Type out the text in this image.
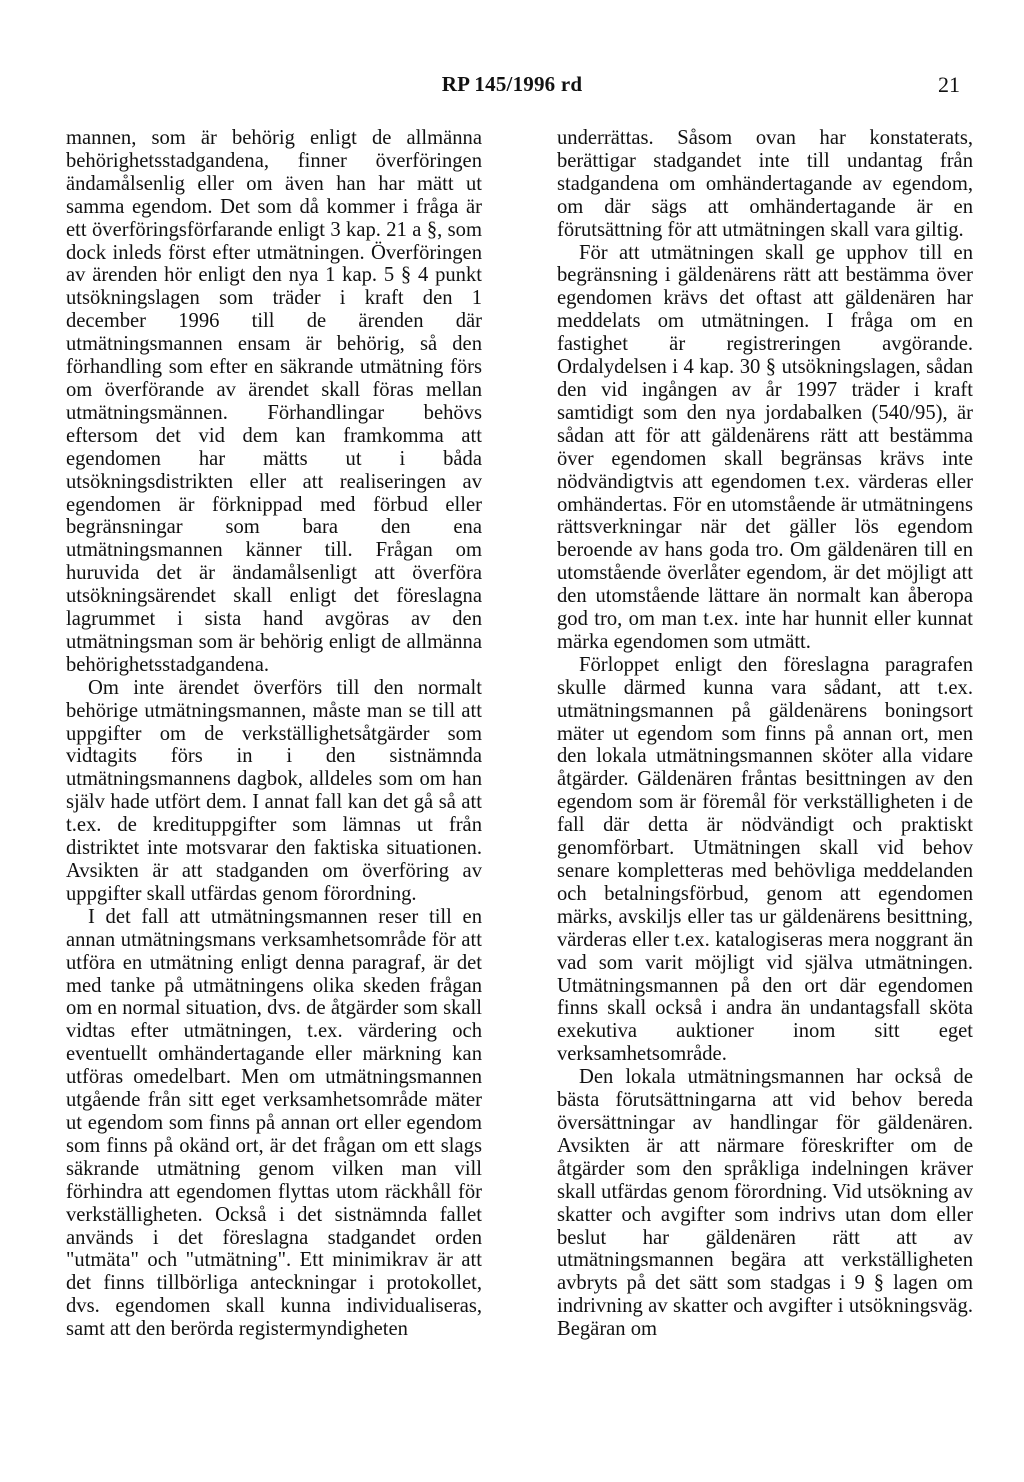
RP 145/1996 rd	21

mannen, som är behörig enligt de allmänna behörighetsstadgandena, finner överföringen ändamålsenlig eller om även han har mätt ut samma egendom. Det som då kommer i fråga är ett överföringsförfarande enligt 3 kap. 21 a §, som dock inleds först efter utmätningen. Överföringen av ärenden hör enligt den nya 1 kap. 5 § 4 punkt utsökningslagen som träder i kraft den 1 december 1996 till de ärenden där utmätningsmannen ensam är behörig, så den förhandling som efter en säkrande utmätning förs om överförande av ärendet skall föras mellan utmätningsmännen. Förhandlingar behövs eftersom det vid dem kan framkomma att egendomen har mätts ut i båda utsökningsdistrikten eller att realiseringen av egendomen är förknippad med förbud eller begränsningar som bara den ena utmätningsmannen känner till. Frågan om huruvida det är ändamålsenligt att överföra utsökningsärendet skall enligt det föreslagna lagrummet i sista hand avgöras av den utmätningsman som är behörig enligt de allmänna behörighetsstadgandena.

Om inte ärendet överförs till den normalt behörige utmätningsmannen, måste man se till att uppgifter om de verkställighetsåtgärder som vidtagits förs in i den sistnämnda utmätningsmannens dagbok, alldeles som om han själv hade utfört dem. I annat fall kan det gå så att t.ex. de kredituppgifter som lämnas ut från distriktet inte motsvarar den faktiska situationen. Avsikten är att stadganden om överföring av uppgifter skall utfärdas genom förordning.

I det fall att utmätningsmannen reser till en annan utmätningsmans verksamhetsområde för att utföra en utmätning enligt denna paragraf, är det med tanke på utmätningens olika skeden frågan om en normal situation, dvs. de åtgärder som skall vidtas efter utmätningen, t.ex. värdering och eventuellt omhändertagande eller märkning kan utföras omedelbart. Men om utmätningsmannen utgående från sitt eget verksamhetsområde mäter ut egendom som finns på annan ort eller egendom som finns på okänd ort, är det frågan om ett slags säkrande utmätning genom vilken man vill förhindra att egendomen flyttas utom räckhåll för verkställigheten. Också i det sistnämnda fallet används i det föreslagna stadgandet orden "utmäta" och "utmätning". Ett minimikrav är att det finns tillbörliga anteckningar i protokollet, dvs. egendomen skall kunna individualiseras, samt att den berörda registermyndigheten

underrättas. Såsom ovan har konstaterats, berättigar stadgandet inte till undantag från stadgandena om omhändertagande av egendom, om där sägs att omhändertagande är en förutsättning för att utmätningen skall vara giltig.

För att utmätningen skall ge upphov till en begränsning i gäldenärens rätt att bestämma över egendomen krävs det oftast att gäldenären har meddelats om utmätningen. I fråga om en fastighet är registreringen avgörande. Ordalydelsen i 4 kap. 30 § utsökningslagen, sådan den vid ingången av år 1997 träder i kraft samtidigt som den nya jordabalken (540/95), är sådan att för att gäldenärens rätt att bestämma över egendomen skall begränsas krävs inte nödvändigtvis att egendomen t.ex. värderas eller omhändertas. För en utomstående är utmätningens rättsverkningar när det gäller lös egendom beroende av hans goda tro. Om gäldenären till en utomstående överlåter egendom, är det möjligt att den utomstående lättare än normalt kan åberopa god tro, om man t.ex. inte har hunnit eller kunnat märka egendomen som utmätt.

Förloppet enligt den föreslagna paragrafen skulle därmed kunna vara sådant, att t.ex. utmätningsmannen på gäldenärens boningsort mäter ut egendom som finns på annan ort, men den lokala utmätningsmannen sköter alla vidare åtgärder. Gäldenären fråntas besittningen av den egendom som är föremål för verkställigheten i de fall där detta är nödvändigt och praktiskt genomförbart. Utmätningen skall vid behov senare kompletteras med behövliga meddelanden och betalningsförbud, genom att egendomen märks, avskiljs eller tas ur gäldenärens besittning, värderas eller t.ex. katalogiseras mera noggrant än vad som varit möjligt vid själva utmätningen. Utmätningsmannen på den ort där egendomen finns skall också i andra än undantagsfall sköta exekutiva auktioner inom sitt eget verksamhetsområde.

Den lokala utmätningsmannen har också de bästa förutsättningarna att vid behov bereda översättningar av handlingar för gäldenären. Avsikten är att närmare föreskrifter om de åtgärder som den språkliga indelningen kräver skall utfärdas genom förordning. Vid utsökning av skatter och avgifter som indrivs utan dom eller beslut har gäldenären rätt att av utmätningsmannen begära att verkställigheten avbryts på det sätt som stadgas i 9 § lagen om indrivning av skatter och avgifter i utsökningsväg. Begäran om
